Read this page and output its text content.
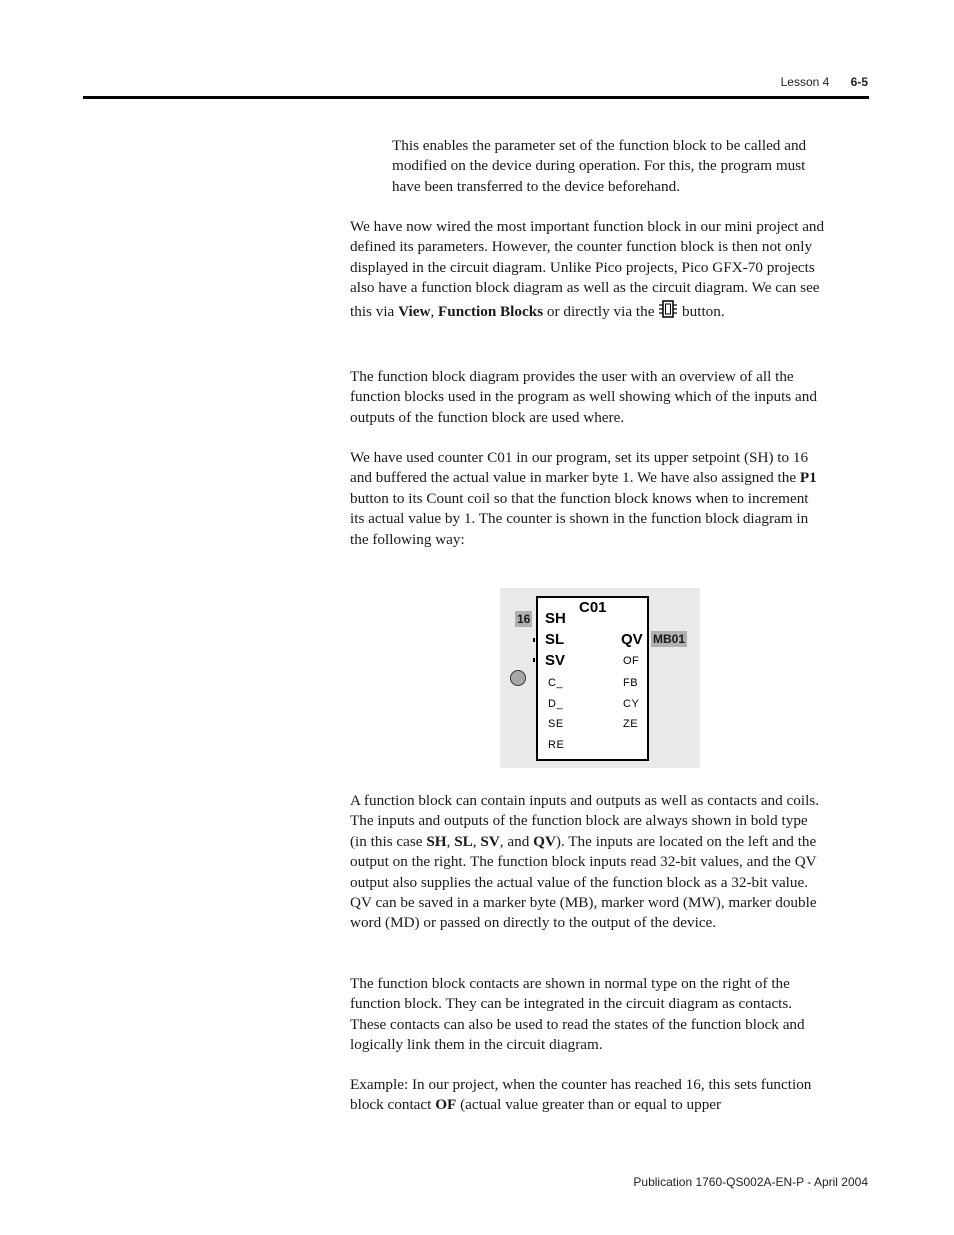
Lesson 4 6-5

This enables the parameter set of the function block to be called and modified on the device during operation. For this, the program must have been transferred to the device beforehand.

We have now wired the most important function block in our mini project and defined its parameters. However, the counter function block is then not only displayed in the circuit diagram. Unlike Pico projects, Pico GFX-70 projects also have a function block diagram as well as the circuit diagram. We can see this via View, Function Blocks or directly via the  button.

The function block diagram provides the user with an overview of all the function blocks used in the program as well showing which of the inputs and outputs of the function block are used where.

We have used counter C01 in our program, set its upper setpoint (SH) to 16 and buffered the actual value in marker byte 1. We have also assigned the P1 button to its Count coil so that the function block knows when to increment its actual value by 1. The counter is shown in the function block diagram in the following way:

16
MB01
C01
SH
SL
SV
QV
C_
D_
SE
RE
OF
FB
CY
ZE

A function block can contain inputs and outputs as well as contacts and coils. The inputs and outputs of the function block are always shown in bold type (in this case SH, SL, SV, and QV). The inputs are located on the left and the output on the right. The function block inputs read 32-bit values, and the QV output also supplies the actual value of the function block as a 32-bit value. QV can be saved in a marker byte (MB), marker word (MW), marker double word (MD) or passed on directly to the output of the device.

The function block contacts are shown in normal type on the right of the function block. They can be integrated in the circuit diagram as contacts. These contacts can also be used to read the states of the function block and logically link them in the circuit diagram.

Example: In our project, when the counter has reached 16, this sets function block contact OF (actual value greater than or equal to upper

Publication 1760-QS002A-EN-P - April 2004
